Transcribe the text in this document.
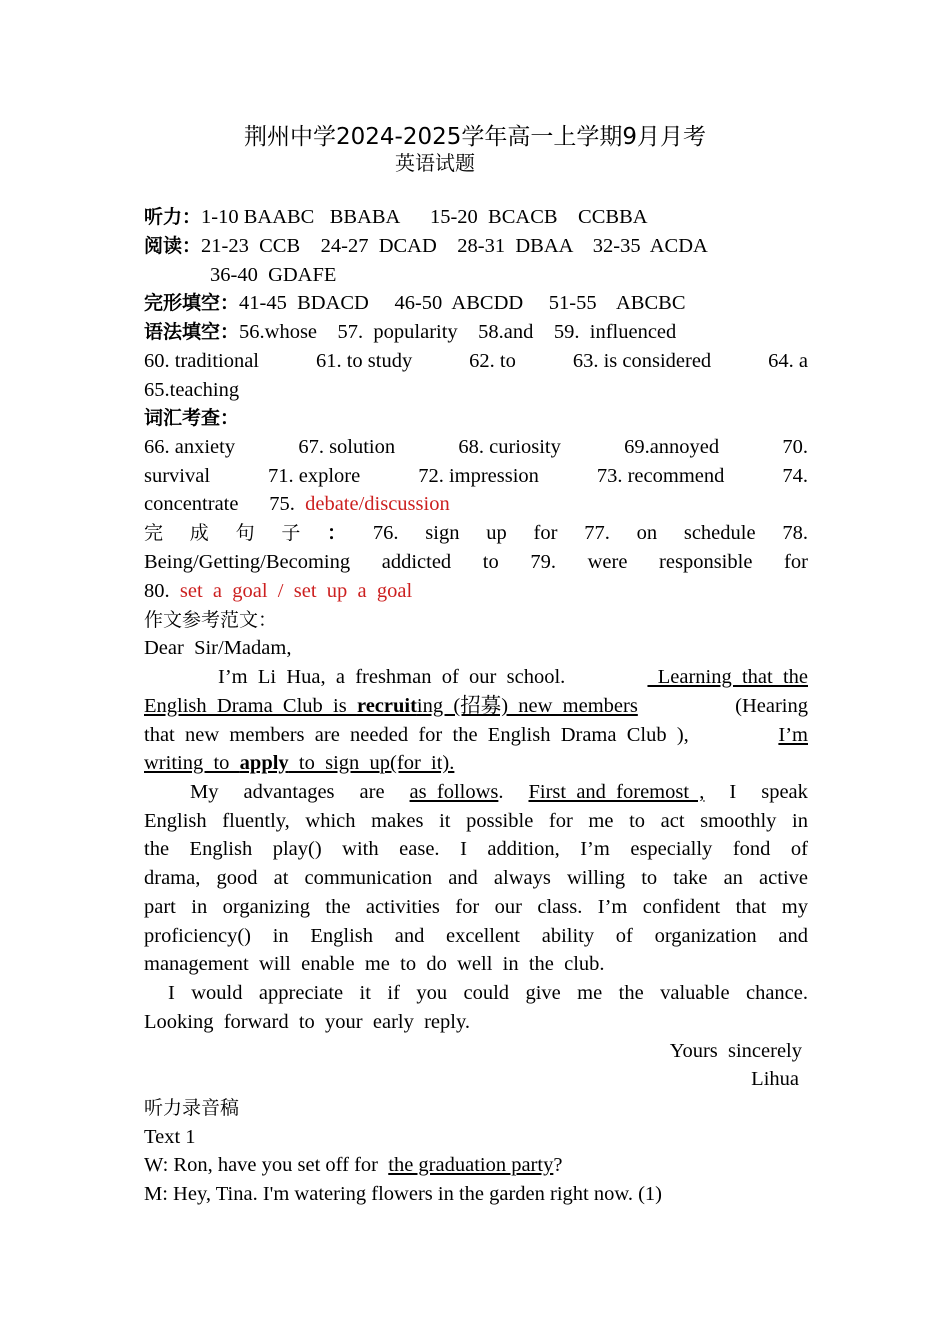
荆州中学2024-2025学年高一上学期9月月考
英语试题
听力：1-10 BAABC   BBABA      15-20  BCACB    CCBBA
阅读：21-23  CCB    24-27  DCAD    28-31  DBAA    32-35  ACDA
36-40  GDAFE
完形填空：41-45  BDACD     46-50  ABCDD     51-55    ABCBC
语法填空：56.whose    57.  popularity    58.and    59.  influenced
60. traditional	61. to study	62. to	63. is considered	64. a
65.teaching
词汇考查：
66. anxiety	67. solution	68. curiosity	69.annoyed	70.
survival	71. explore	72. impression	73. recommend	74.
concentrate      75.  debate/discussion
完 成 句 子 ： 76. sign up for 77. on schedule 78.
Being/Getting/Becoming addicted to 79. were responsible for
80.  set  a  goal  /  set  up  a  goal
作文参考范文：
Dear  Sir/Madam,
I’m  Li  Hua,  a  freshman  of  our  school.	Learning  that  the
English  Drama  Club  is  recruiting  (招募)  new  members	(Hearing
that  new  members  are  needed  for  the  English  Drama  Club  ),	I’m
writing  to  apply  to  sign  up(for  it).
My advantages are as  follows. First  and  foremost  , I speak
English  fluently,  which  makes  it  possible  for  me  to  act  smoothly  in
the  English  play()  with  ease.  I  addition,  I’m  especially  fond  of
drama,  good  at  communication  and  always  willing  to  take  an  active
part  in  organizing  the  activities  for  our  class.  I’m  confident  that  my
proficiency()  in  English  and  excellent  ability  of  organization  and
management  will  enable  me  to  do  well  in  the  club.
I  would  appreciate  it  if  you  could  give  me  the  valuable  chance.
Looking  forward  to  your  early  reply.
Yours  sincerely
Lihua
听力录音稿
Text 1
W: Ron, have you set off for  the graduation party?
M: Hey, Tina. I'm watering flowers in the garden right now. (1)
